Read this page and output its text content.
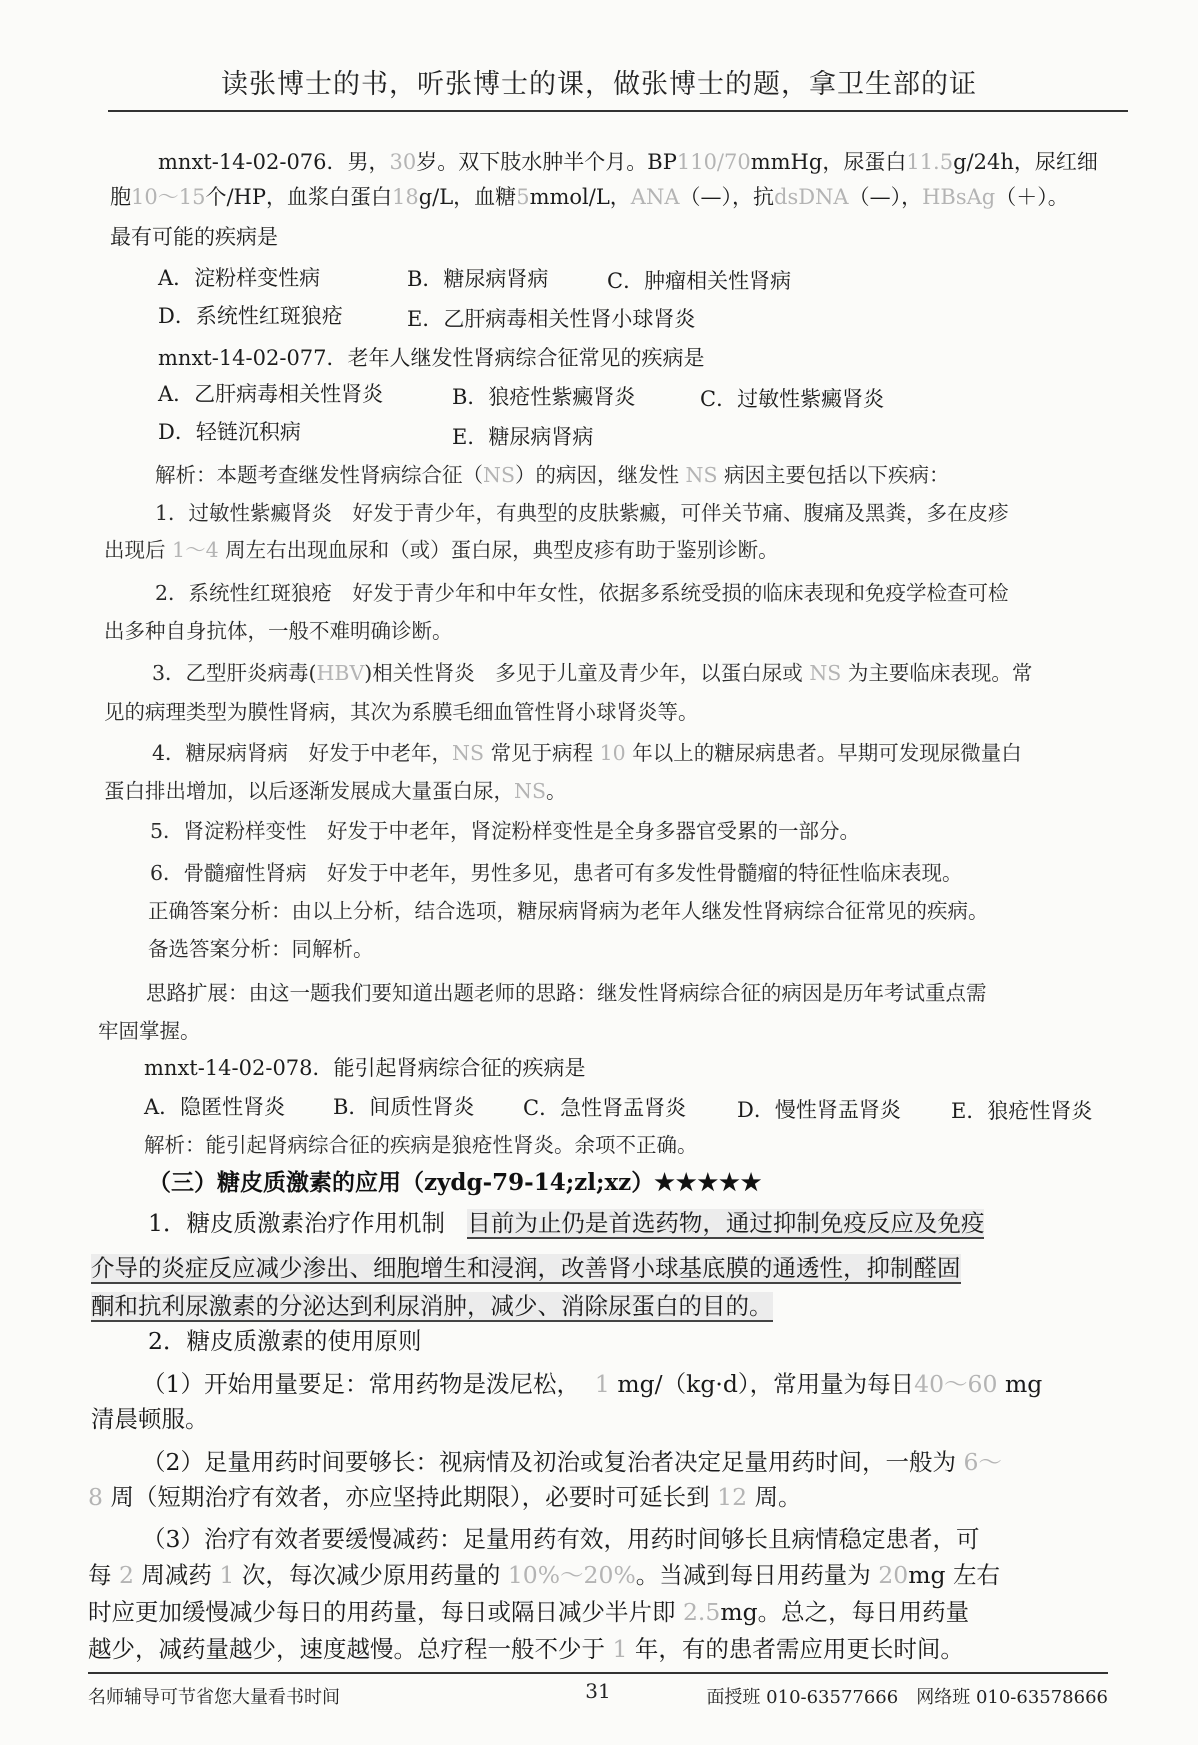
读张博士的书，听张博士的课，做张博士的题，拿卫生部的证
mnxt-14-02-076．男，30岁。双下肢水肿半个月。BP110/70mmHg，尿蛋白11.5g/24h，尿红细
胞10～15个/HP，血浆白蛋白18g/L，血糖5mmol/L，ANA（—），抗dsDNA（—），HBsAg（＋）。
最有可能的疾病是
A．淀粉样变性病	B．糖尿病肾病	C．肿瘤相关性肾病
D．系统性红斑狼疮	E．乙肝病毒相关性肾小球肾炎
mnxt-14-02-077．老年人继发性肾病综合征常见的疾病是
A．乙肝病毒相关性肾炎	B．狼疮性紫癜肾炎	C．过敏性紫癜肾炎
D．轻链沉积病	E．糖尿病肾病
解析：本题考查继发性肾病综合征（NS）的病因，继发性 NS 病因主要包括以下疾病：
1．过敏性紫癜肾炎　好发于青少年，有典型的皮肤紫癜，可伴关节痛、腹痛及黑粪，多在皮疹
出现后 1～4 周左右出现血尿和（或）蛋白尿，典型皮疹有助于鉴别诊断。
2．系统性红斑狼疮　好发于青少年和中年女性，依据多系统受损的临床表现和免疫学检查可检
出多种自身抗体，一般不难明确诊断。
3．乙型肝炎病毒(HBV)相关性肾炎　多见于儿童及青少年，以蛋白尿或 NS 为主要临床表现。常
见的病理类型为膜性肾病，其次为系膜毛细血管性肾小球肾炎等。
4．糖尿病肾病　好发于中老年，NS 常见于病程 10 年以上的糖尿病患者。早期可发现尿微量白
蛋白排出增加，以后逐渐发展成大量蛋白尿，NS。
5．肾淀粉样变性　好发于中老年，肾淀粉样变性是全身多器官受累的一部分。
6．骨髓瘤性肾病　好发于中老年，男性多见，患者可有多发性骨髓瘤的特征性临床表现。
正确答案分析：由以上分析，结合选项，糖尿病肾病为老年人继发性肾病综合征常见的疾病。
备选答案分析：同解析。
思路扩展：由这一题我们要知道出题老师的思路：继发性肾病综合征的病因是历年考试重点需
牢固掌握。
mnxt-14-02-078．能引起肾病综合征的疾病是
A．隐匿性肾炎 B．间质性肾炎 C．急性肾盂肾炎 D．慢性肾盂肾炎 E．狼疮性肾炎
解析：能引起肾病综合征的疾病是狼疮性肾炎。余项不正确。
（三）糖皮质激素的应用（zydg-79-14;zl;xz）★★★★★
1．糖皮质激素治疗作用机制 目前为止仍是首选药物，通过抑制免疫反应及免疫
介导的炎症反应减少渗出、细胞增生和浸润，改善肾小球基底膜的通透性，抑制醛固
酮和抗利尿激素的分泌达到利尿消肿，减少、消除尿蛋白的目的。
2．糖皮质激素的使用原则
（1）开始用量要足：常用药物是泼尼松， 1 mg/（kg·d），常用量为每日40～60 mg
清晨顿服。
（2）足量用药时间要够长：视病情及初治或复治者决定足量用药时间，一般为 6～
8 周（短期治疗有效者，亦应坚持此期限），必要时可延长到 12 周。
（3）治疗有效者要缓慢减药：足量用药有效，用药时间够长且病情稳定患者，可
每 2 周减药 1 次，每次减少原用药量的 10%～20%。当减到每日用药量为 20mg 左右
时应更加缓慢减少每日的用药量，每日或隔日减少半片即 2.5mg。总之，每日用药量
越少，减药量越少，速度越慢。总疗程一般不少于 1 年，有的患者需应用更长时间。
名师辅导可节省您大量看书时间	31	面授班 010-63577666 网络班 010-63578666
